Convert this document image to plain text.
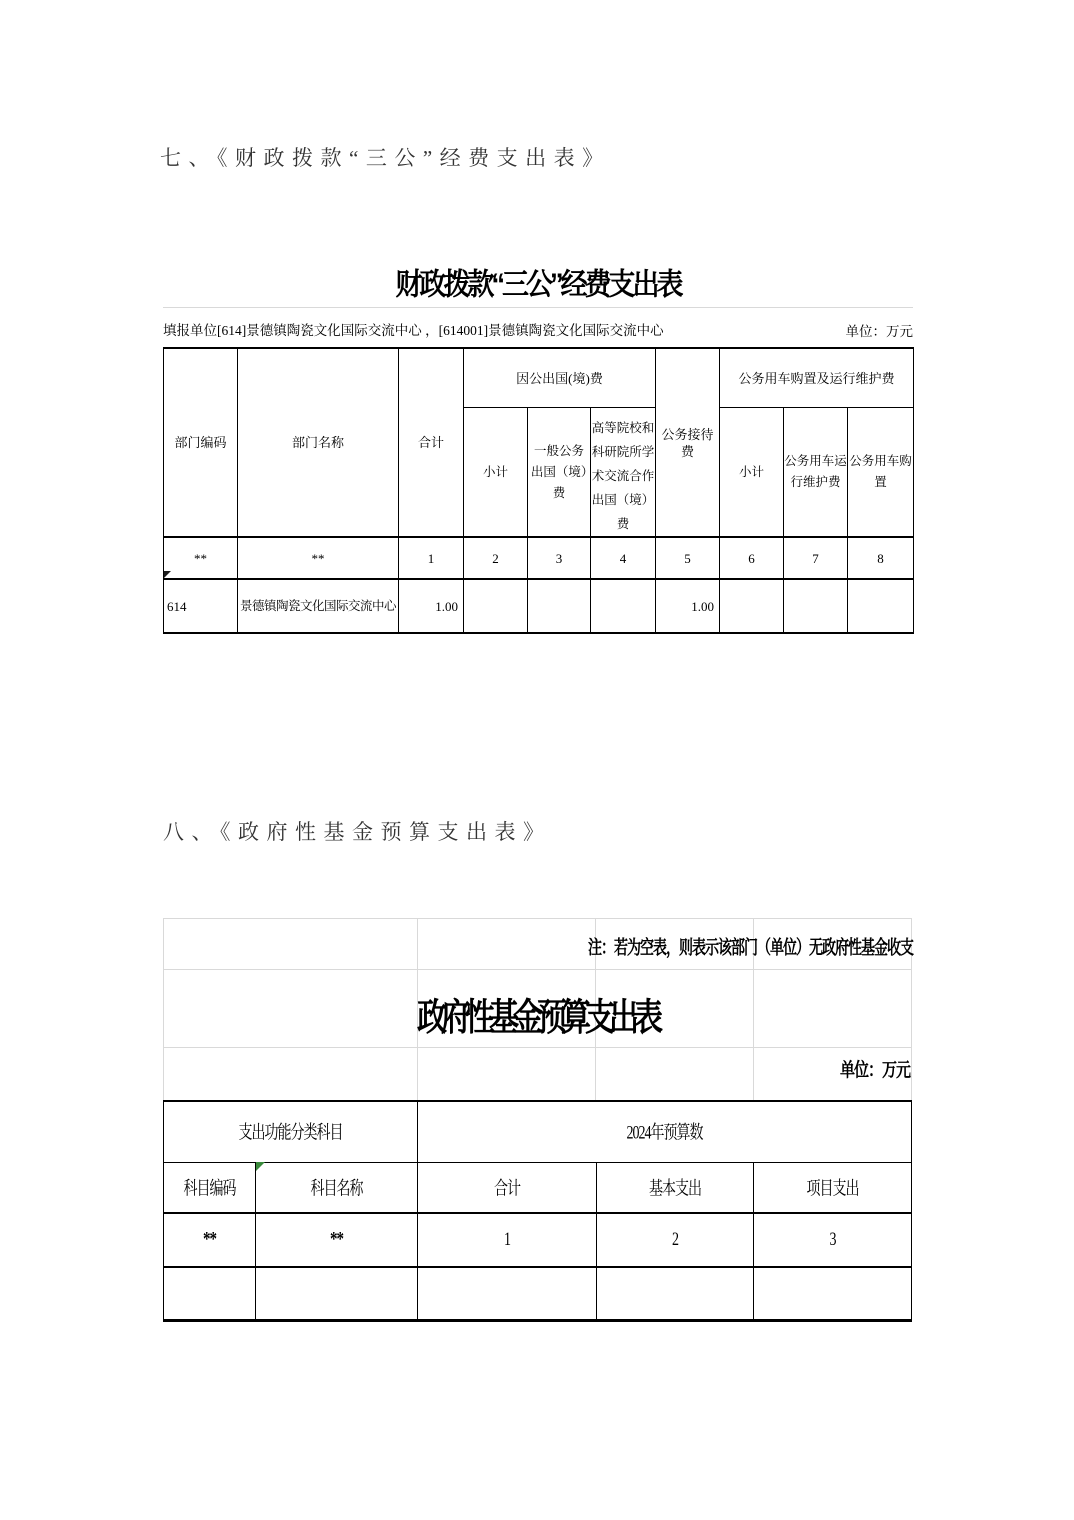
七、《财政拨款“三公”经费支出表》
财政拨款“三公”经费支出表
填报单位[614]景德镇陶瓷文化国际交流中心 ，[614001]景德镇陶瓷文化国际交流中心	单位：万元
部门编码	部门名称	合计	因公出国(境)费			公务接待费	公务用车购置及运行维护费		
			小计	一般公务出国（境）费	高等院校和科研院所学术交流合作出国（境）费		小计	公务用车运行维护费	公务用车购置
**	**	1	2	3	4	5	6	7	8
614	景德镇陶瓷文化国际交流中心	1.00				1.00			
八、《政府性基金预算支出表》
注：若为空表，则表示该部门（单位）无政府性基金收支
政府性基金预算支出表
单位：万元
支出功能分类科目		2024年预算数		
科目编码	科目名称	合计	基本支出	项目支出
**	**	1	2	3
